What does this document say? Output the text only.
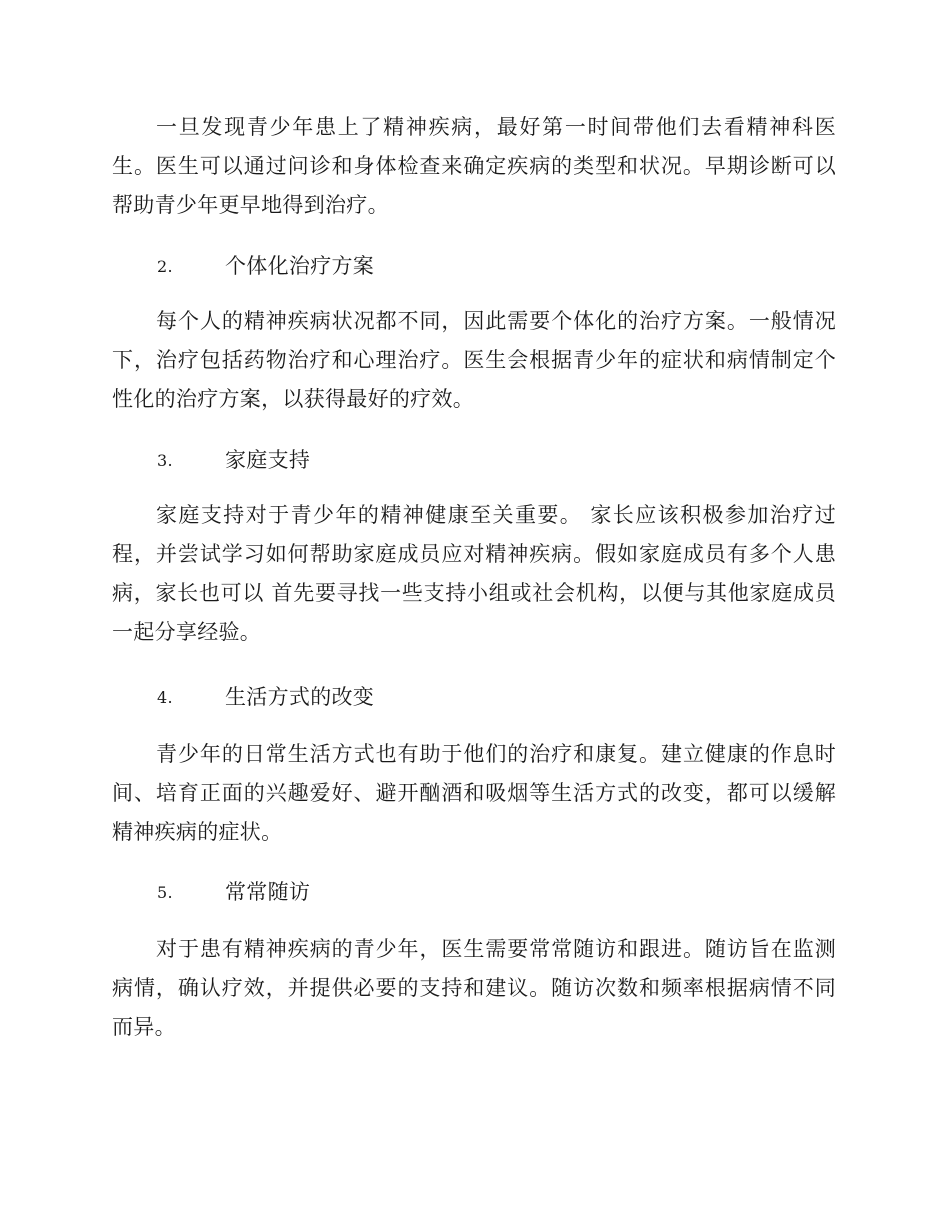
一旦发现青少年患上了精神疾病，最好第一时间带他们去看精神科医生。医生可以通过问诊和身体检查来确定疾病的类型和状况。早期诊断可以帮助青少年更早地得到治疗。

2. 个体化治疗方案

每个人的精神疾病状况都不同，因此需要个体化的治疗方案。一般情况下，治疗包括药物治疗和心理治疗。医生会根据青少年的症状和病情制定个性化的治疗方案，以获得最好的疗效。

3. 家庭支持

家庭支持对于青少年的精神健康至关重要。 家长应该积极参加治疗过程，并尝试学习如何帮助家庭成员应对精神疾病。假如家庭成员有多个人患病，家长也可以 首先要寻找一些支持小组或社会机构，以便与其他家庭成员一起分享经验。

4. 生活方式的改变

青少年的日常生活方式也有助于他们的治疗和康复。建立健康的作息时间、培育正面的兴趣爱好、避开酗酒和吸烟等生活方式的改变，都可以缓解精神疾病的症状。

5. 常常随访

对于患有精神疾病的青少年，医生需要常常随访和跟进。随访旨在监测病情，确认疗效，并提供必要的支持和建议。随访次数和频率根据病情不同而异。
